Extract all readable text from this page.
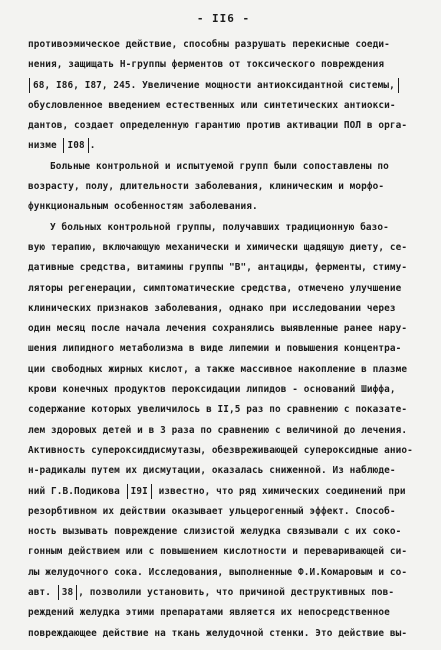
- II6 -
противоэмическое действие, способны разрушать перекисные соеди-
нения, защищать Н-группы ферментов от токсического повреждения
68, I86, I87, 245. Увеличение мощности антиоксидантной системы,
обусловленное введением естественных или синтетических антиокси-
дантов, создает определенную гарантию против активации ПОЛ в орга-
низме I08 .
Больные контрольной и испытуемой групп были сопоставлены по
возрасту, полу, длительности заболевания, клиническим и морфо-
функциональным особенностям заболевания.
У больных контрольной группы, получавших традиционную базо-
вую терапию, включающую механически и химически щадящую диету, се-
дативные средства, витамины группы "В", антациды, ферменты, стиму-
ляторы регенерации, симптоматические средства, отмечено улучшение
клинических признаков заболевания, однако при исследовании через
один месяц после начала лечения сохранялись выявленные ранее нару-
шения липидного метаболизма в виде липемии и повышения концентра-
ции свободных жирных кислот, а также массивное накопление в плазме
крови конечных продуктов пероксидации липидов - оснований Шиффа,
содержание которых увеличилось в II,5 раз по сравнению с показате-
лем здоровых детей и в 3 раза по сравнению с величиной до лечения.
Активность супероксиддисмутазы, обезвреживающей супероксидные анио-
н-радикалы путем их дисмутации, оказалась сниженной. Из наблюде-
ний Г.В.Подикова I9I известно, что ряд химических соединений при
резорбтивном их действии оказывает ульцерогенный эффект. Способ-
ность вызывать повреждение слизистой желудка связывали с их соко-
гонным действием или с повышением кислотности и переваривающей си-
лы желудочного сока. Исследования, выполненные Ф.И.Комаровым и со-
авт. 38 , позволили установить, что причиной деструктивных пов-
реждений желудка этими препаратами является их непосредственное
повреждающее действие на ткань желудочной стенки. Это действие вы-
